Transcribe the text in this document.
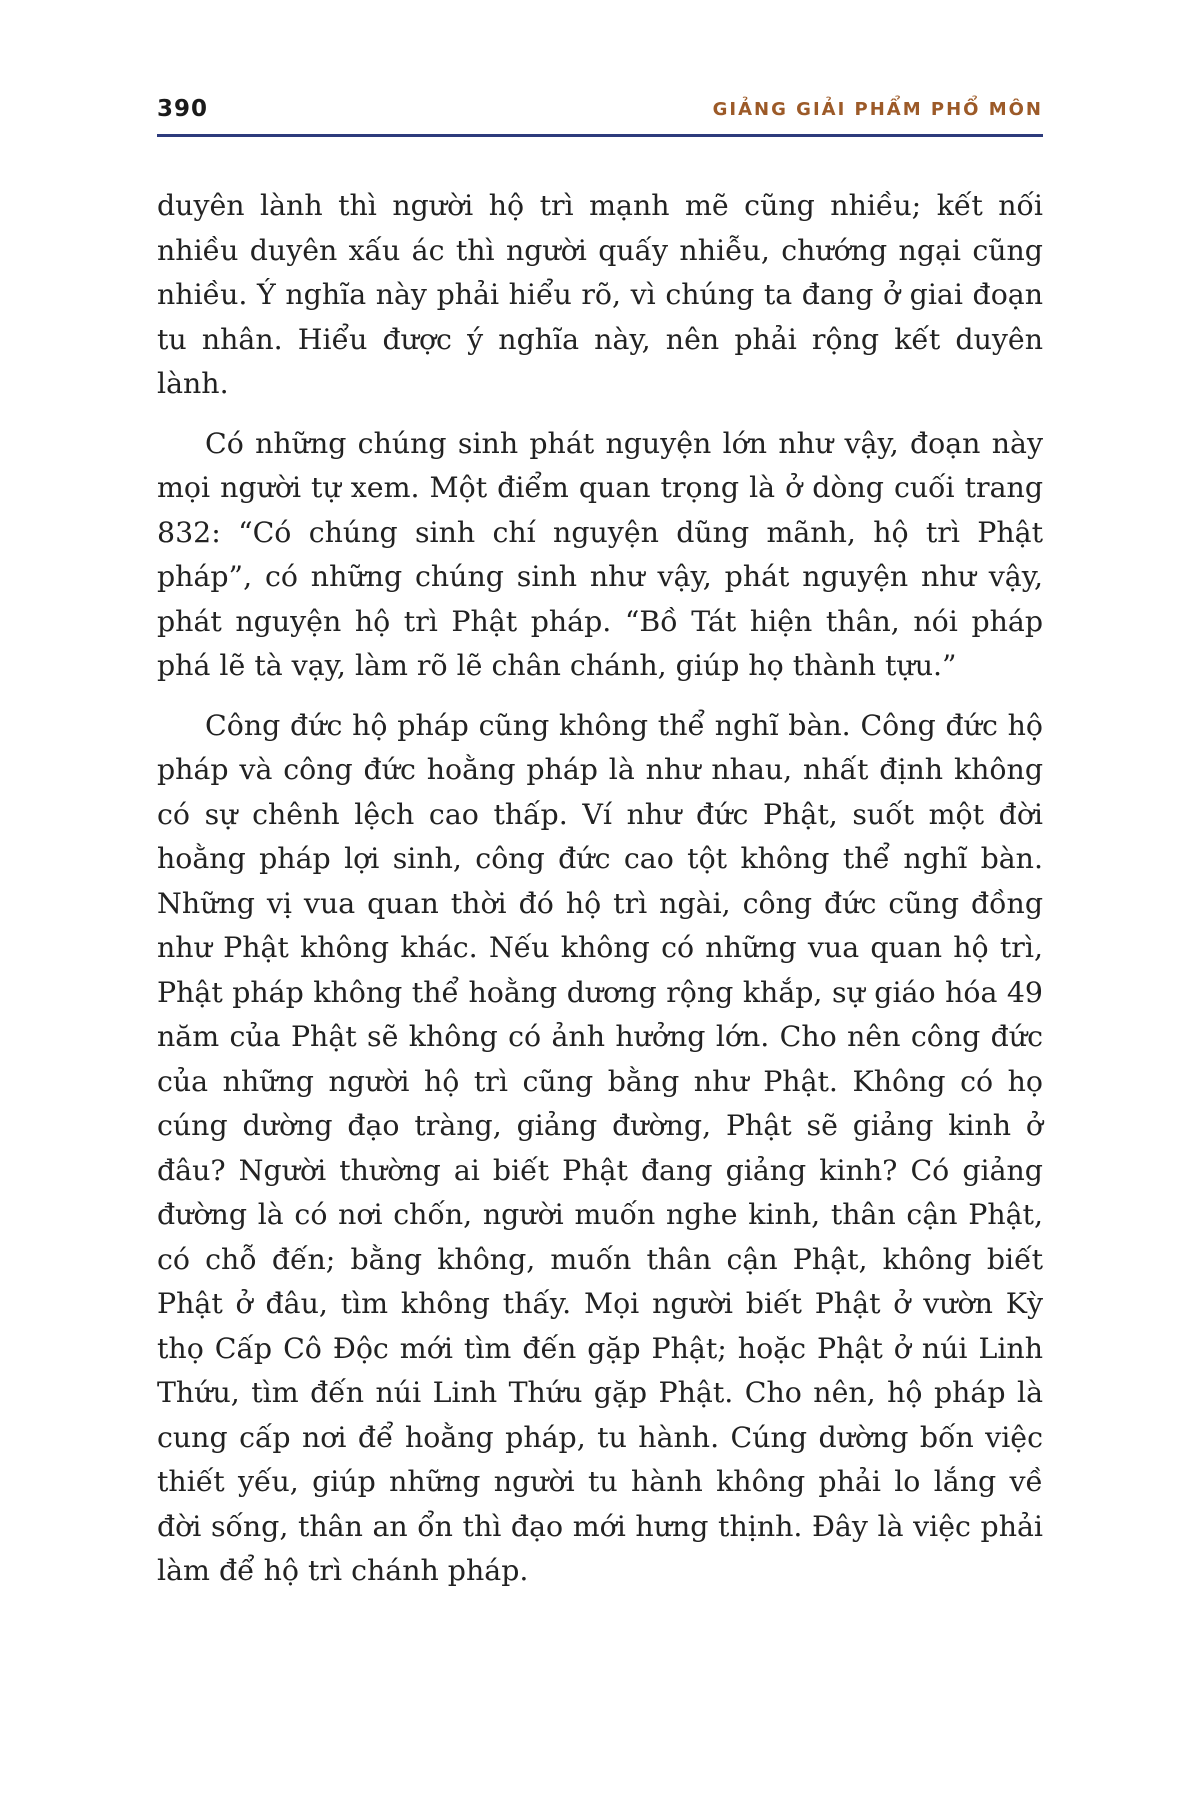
390	GIẢNG GIẢI PHẨM PHỔ MÔN

duyên lành thì người hộ trì mạnh mẽ cũng nhiều; kết nối nhiều duyên xấu ác thì người quấy nhiễu, chướng ngại cũng nhiều. Ý nghĩa này phải hiểu rõ, vì chúng ta đang ở giai đoạn tu nhân. Hiểu được ý nghĩa này, nên phải rộng kết duyên lành.

Có những chúng sinh phát nguyện lớn như vậy, đoạn này mọi người tự xem. Một điểm quan trọng là ở dòng cuối trang 832: “Có chúng sinh chí nguyện dũng mãnh, hộ trì Phật pháp”, có những chúng sinh như vậy, phát nguyện như vậy, phát nguyện hộ trì Phật pháp. “Bồ Tát hiện thân, nói pháp phá lẽ tà vạy, làm rõ lẽ chân chánh, giúp họ thành tựu.”

Công đức hộ pháp cũng không thể nghĩ bàn. Công đức hộ pháp và công đức hoằng pháp là như nhau, nhất định không có sự chênh lệch cao thấp. Ví như đức Phật, suốt một đời hoằng pháp lợi sinh, công đức cao tột không thể nghĩ bàn. Những vị vua quan thời đó hộ trì ngài, công đức cũng đồng như Phật không khác. Nếu không có những vua quan hộ trì, Phật pháp không thể hoằng dương rộng khắp, sự giáo hóa 49 năm của Phật sẽ không có ảnh hưởng lớn. Cho nên công đức của những người hộ trì cũng bằng như Phật. Không có họ cúng dường đạo tràng, giảng đường, Phật sẽ giảng kinh ở đâu? Người thường ai biết Phật đang giảng kinh? Có giảng đường là có nơi chốn, người muốn nghe kinh, thân cận Phật, có chỗ đến; bằng không, muốn thân cận Phật, không biết Phật ở đâu, tìm không thấy. Mọi người biết Phật ở vườn Kỳ thọ Cấp Cô Độc mới tìm đến gặp Phật; hoặc Phật ở núi Linh Thứu, tìm đến núi Linh Thứu gặp Phật. Cho nên, hộ pháp là cung cấp nơi để hoằng pháp, tu hành. Cúng dường bốn việc thiết yếu, giúp những người tu hành không phải lo lắng về đời sống, thân an ổn thì đạo mới hưng thịnh. Đây là việc phải làm để hộ trì chánh pháp.
